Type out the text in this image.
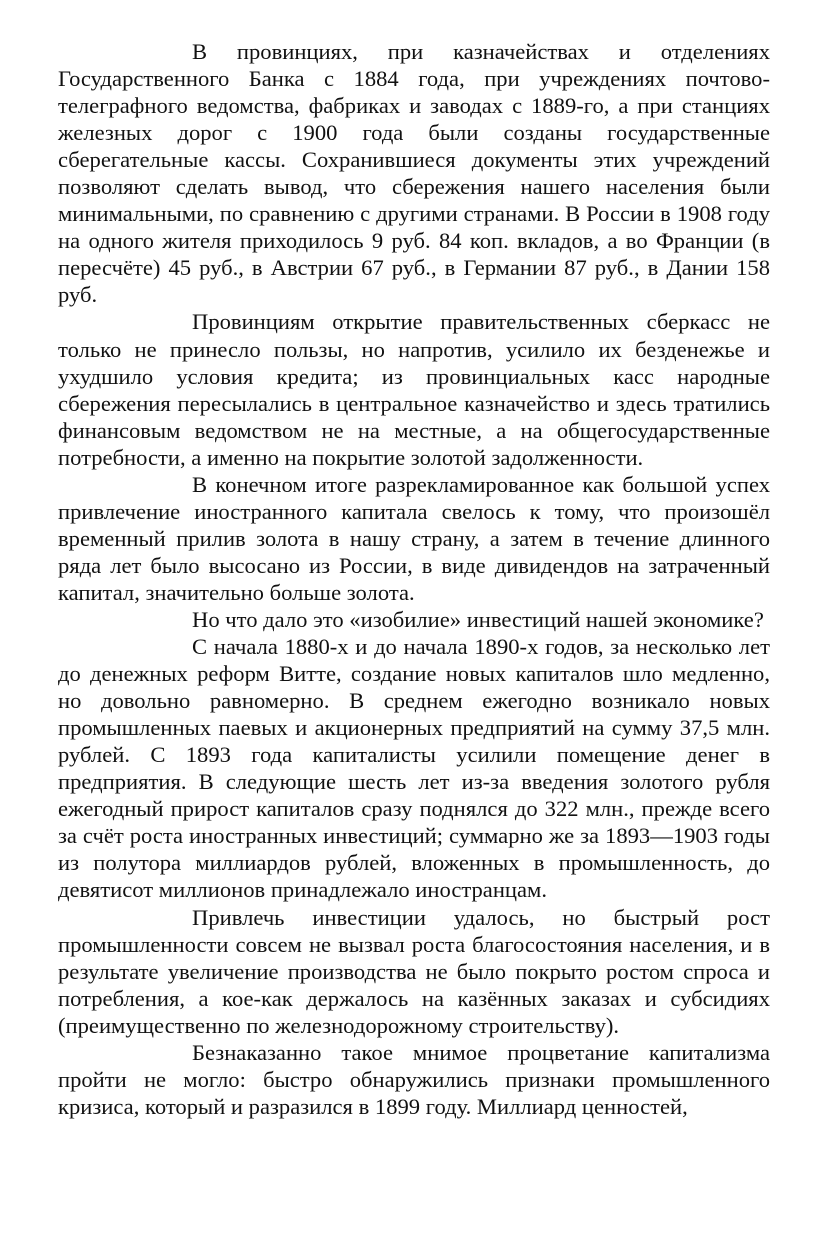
В провинциях, при казначействах и отделениях Государственного Банка с 1884 года, при учреждениях почтово-телеграфного ведомства, фабриках и заводах с 1889-го, а при станциях железных дорог с 1900 года были созданы государственные сберегательные кассы. Сохранившиеся документы этих учреждений позволяют сделать вывод, что сбережения нашего населения были минимальными, по сравнению с другими странами. В России в 1908 году на одного жителя приходилось 9 руб. 84 коп. вкладов, а во Франции (в пересчёте) 45 руб., в Австрии 67 руб., в Германии 87 руб., в Дании 158 руб.

Провинциям открытие правительственных сберкасс не только не принесло пользы, но напротив, усилило их безденежье и ухудшило условия кредита; из провинциальных касс народные сбережения пересылались в центральное казначейство и здесь тратились финансовым ведомством не на местные, а на общегосударственные потребности, а именно на покрытие золотой задолженности.

В конечном итоге разрекламированное как большой успех привлечение иностранного капитала свелось к тому, что произошёл временный прилив золота в нашу страну, а затем в течение длинного ряда лет было высосано из России, в виде дивидендов на затраченный капитал, значительно больше золота.

Но что дало это «изобилие» инвестиций нашей экономике?

С начала 1880-х и до начала 1890-х годов, за несколько лет до денежных реформ Витте, создание новых капиталов шло медленно, но довольно равномерно. В среднем ежегодно возникало новых промышленных паевых и акционерных предприятий на сумму 37,5 млн. рублей. С 1893 года капиталисты усилили помещение денег в предприятия. В следующие шесть лет из-за введения золотого рубля ежегодный прирост капиталов сразу поднялся до 322 млн., прежде всего за счёт роста иностранных инвестиций; суммарно же за 1893—1903 годы из полутора миллиардов рублей, вложенных в промышленность, до девятисот миллионов принадлежало иностранцам.

Привлечь инвестиции удалось, но быстрый рост промышленности совсем не вызвал роста благосостояния населения, и в результате увеличение производства не было покрыто ростом спроса и потребления, а кое-как держалось на казённых заказах и субсидиях (преимущественно по железнодорожному строительству).

Безнаказанно такое мнимое процветание капитализма пройти не могло: быстро обнаружились признаки промышленного кризиса, который и разразился в 1899 году. Миллиард ценностей,
